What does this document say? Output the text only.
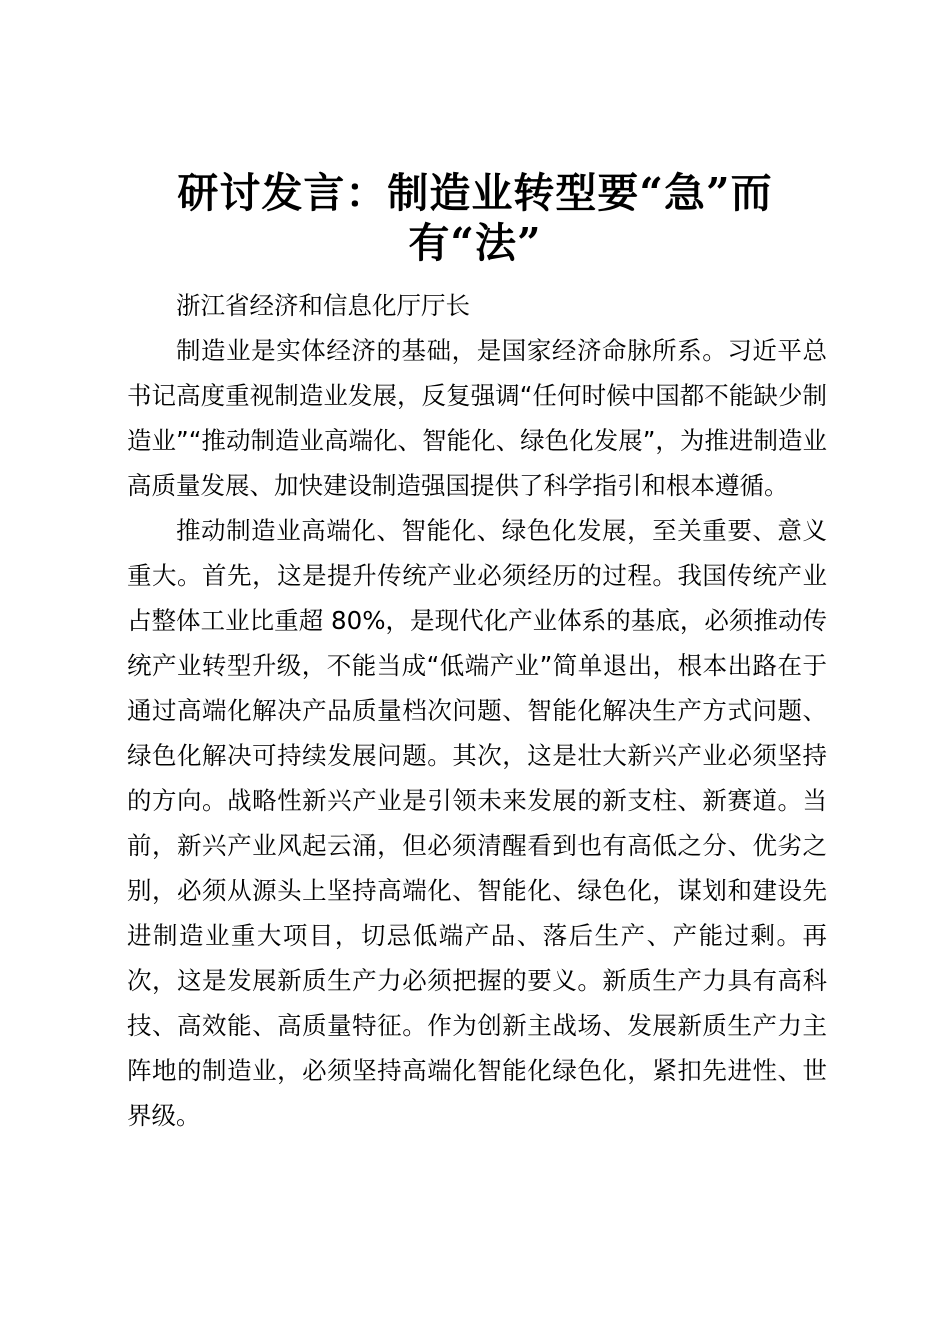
研讨发言：制造业转型要“急”而有“法”

浙江省经济和信息化厅厅长

制造业是实体经济的基础，是国家经济命脉所系。习近平总书记高度重视制造业发展，反复强调“任何时候中国都不能缺少制造业”“推动制造业高端化、智能化、绿色化发展”，为推进制造业高质量发展、加快建设制造强国提供了科学指引和根本遵循。

推动制造业高端化、智能化、绿色化发展，至关重要、意义重大。首先，这是提升传统产业必须经历的过程。我国传统产业占整体工业比重超 80%，是现代化产业体系的基底，必须推动传统产业转型升级，不能当成“低端产业”简单退出，根本出路在于通过高端化解决产品质量档次问题、智能化解决生产方式问题、绿色化解决可持续发展问题。其次，这是壮大新兴产业必须坚持的方向。战略性新兴产业是引领未来发展的新支柱、新赛道。当前，新兴产业风起云涌，但必须清醒看到也有高低之分、优劣之别，必须从源头上坚持高端化、智能化、绿色化，谋划和建设先进制造业重大项目，切忌低端产品、落后生产、产能过剩。再次，这是发展新质生产力必须把握的要义。新质生产力具有高科技、高效能、高质量特征。作为创新主战场、发展新质生产力主阵地的制造业，必须坚持高端化智能化绿色化，紧扣先进性、世界级。
